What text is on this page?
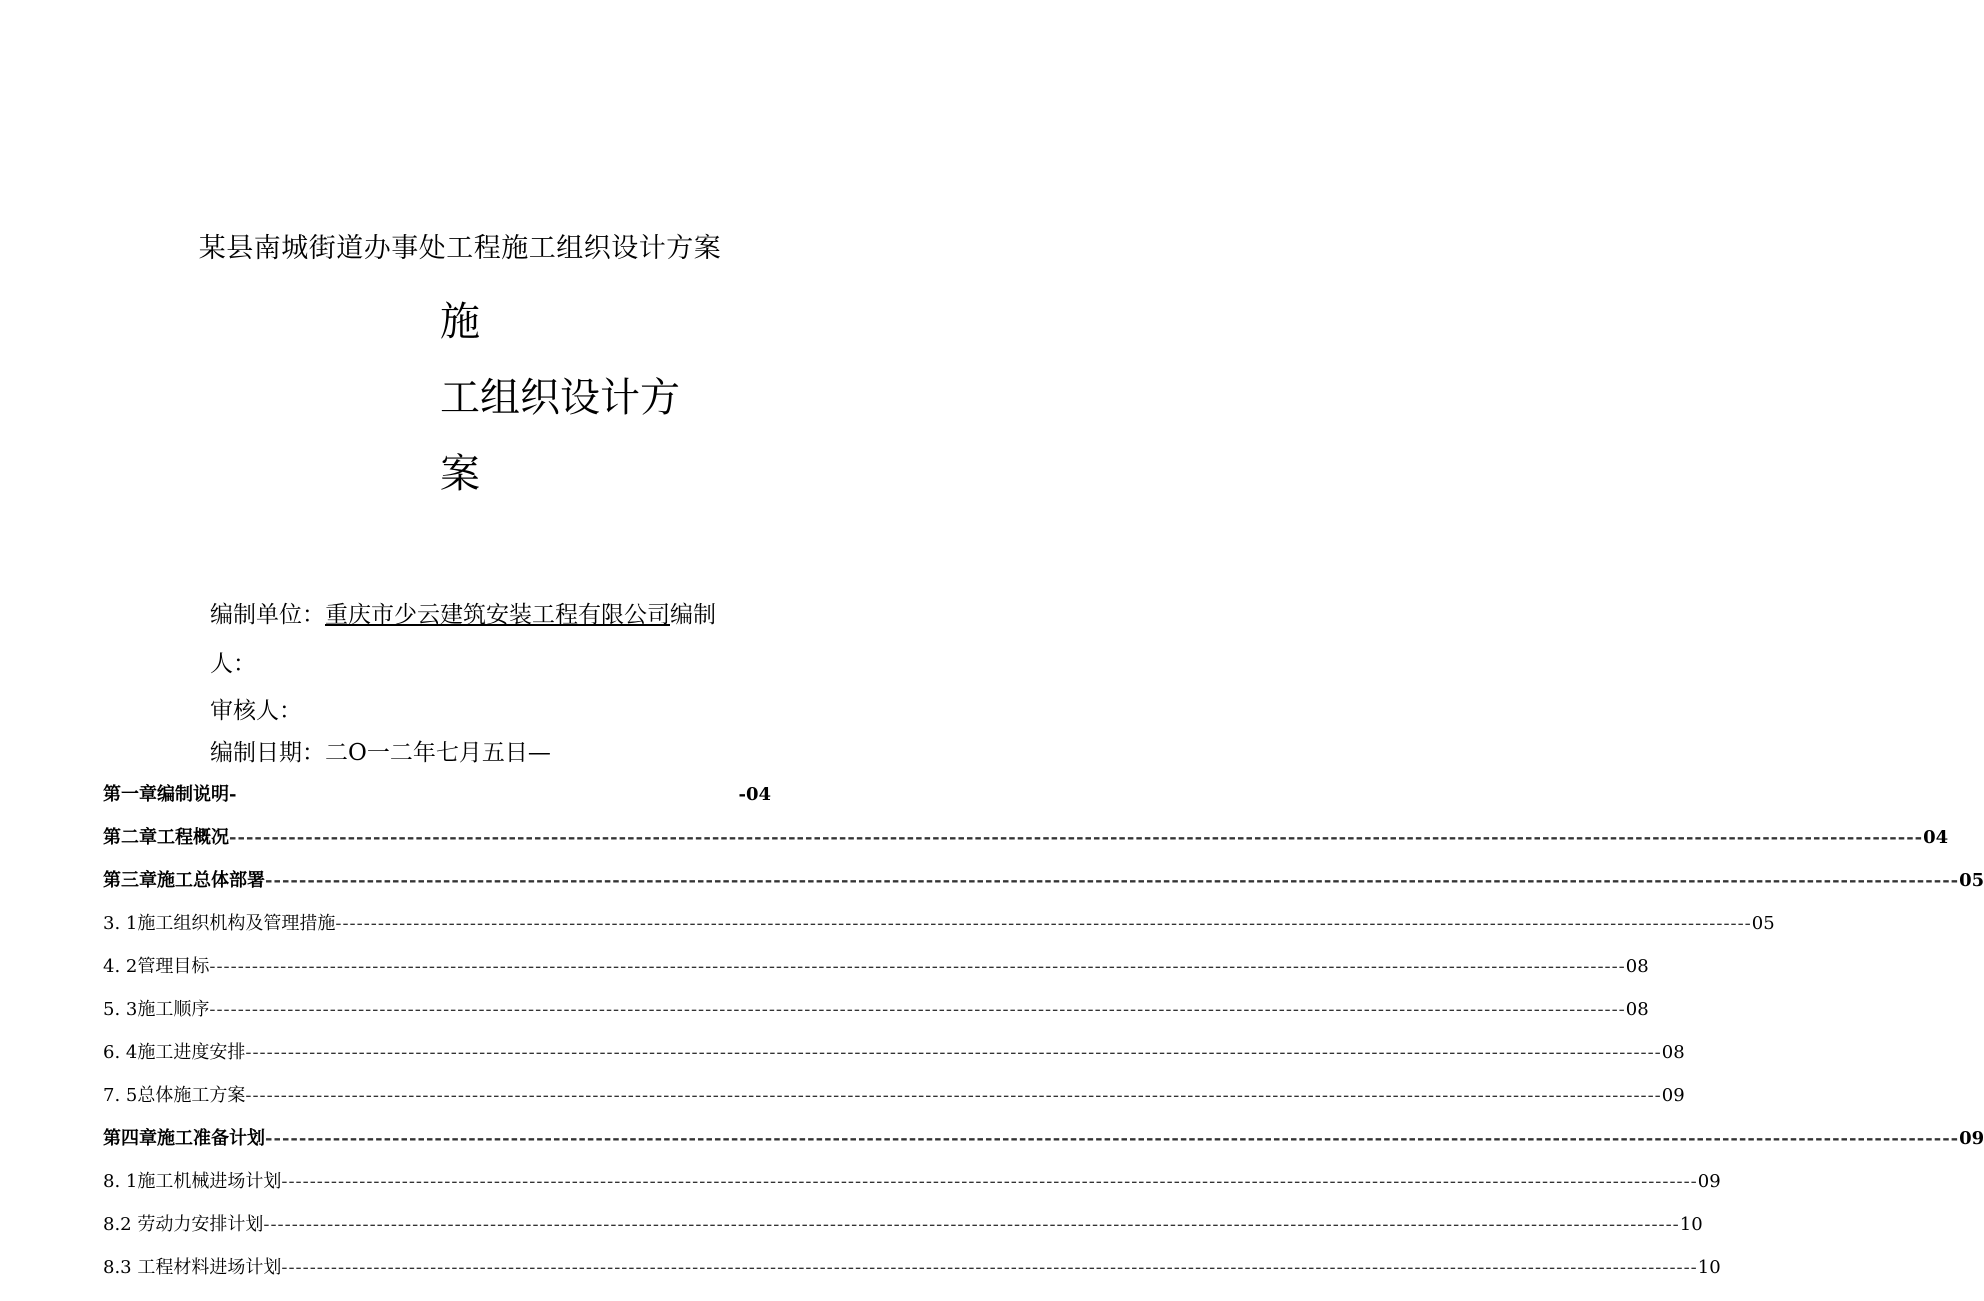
某县南城街道办事处工程施工组织设计方案
施
工组织设计方
案
编制单位：重庆市少云建筑安装工程有限公司编制
人：
审核人：
编制日期：二O一二年七月五日—
第一章编制说明-	-04
第二章工程概况 -------------------------------------------------------------------------------------------------------------------------------------------------------------------------------------------------------- 04
第三章施工总体部署 -------------------------------------------------------------------------------------------------------------------------------------------------------------------------------------------------------- 05
3. 1施工组织机构及管理措施 -------------------------------------------------------------------------------------------------------------------------------------------------------------------------------------------------------- 05
4. 2管理目标 -------------------------------------------------------------------------------------------------------------------------------------------------------------------------------------------------------- 08
5. 3施工顺序 -------------------------------------------------------------------------------------------------------------------------------------------------------------------------------------------------------- 08
6. 4施工进度安排 -------------------------------------------------------------------------------------------------------------------------------------------------------------------------------------------------------- 08
7. 5总体施工方案 -------------------------------------------------------------------------------------------------------------------------------------------------------------------------------------------------------- 09
第四章施工准备计划 -------------------------------------------------------------------------------------------------------------------------------------------------------------------------------------------------------- 09
8. 1施工机械进场计划 -------------------------------------------------------------------------------------------------------------------------------------------------------------------------------------------------------- 09
8.2 劳动力安排计划 -------------------------------------------------------------------------------------------------------------------------------------------------------------------------------------------------------- 10
8.3 工程材料进场计划 -------------------------------------------------------------------------------------------------------------------------------------------------------------------------------------------------------- 10
